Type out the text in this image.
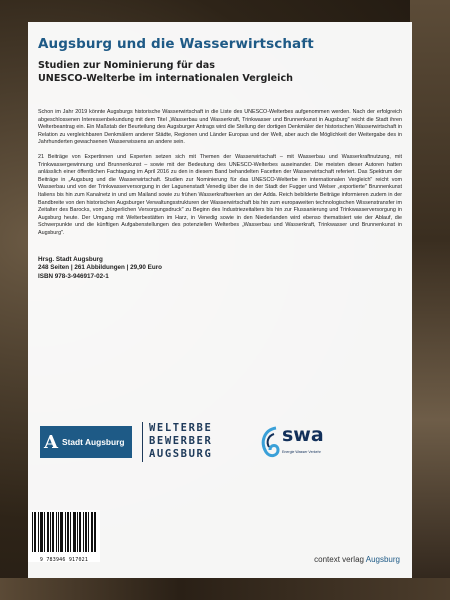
Augsburg und die Wasserwirtschaft
Studien zur Nominierung für das
UNESCO-Welterbe im internationalen Vergleich

Schon im Jahr 2019 könnte Augsburgs historische Wasserwirtschaft in die Liste des UNESCO-Welterbes aufgenommen werden. Nach der erfolgreich abgeschlossenen Interessenbekundung mit dem Titel „Wasserbau und Wasserkraft, Trinkwasser und Brunnenkunst in Augsburg" reicht die Stadt ihren Welterbeantrag ein. Ein Maßstab der Beurteilung des Augsburger Antrags wird die Stellung der dortigen Denkmäler der historischen Wasserwirtschaft in Relation zu vergleichbaren Denkmälern anderer Städte, Regionen und Länder Europas und der Welt, aber auch die Möglichkeit der Weitergabe des in Jahrhunderten gewachsenen Wasserwissens an andere sein.

21 Beiträge von Expertinnen und Experten setzen sich mit Themen der Wasserwirtschaft – mit Wasserbau und Wasserkraftnutzung, mit Trinkwassergewinnung und Brunnenkunst – sowie mit der Bedeutung des UNESCO-Welterbes auseinander. Die meisten dieser Autoren hatten anlässlich einer öffentlichen Fachtagung im April 2016 zu den in diesem Band behandelten Facetten der Wasserwirtschaft referiert. Das Spektrum der Beiträge in „Augsburg und die Wasserwirtschaft. Studien zur Nominierung für das UNESCO-Welterbe im internationalen Vergleich" reicht vom Wasserbau und von der Trinkwasserversorgung in der Lagunenstadt Venedig über die in der Stadt der Fugger und Welser „exportierte" Brunnenkunst Italiens bis hin zum Kanalnetz in und um Mailand sowie zu frühen Wasserkraftwerken an der Adda. Reich bebilderte Beiträge informieren zudem in der Bandbreite von den historischen Augsburger Verwaltungsstrukturen der Wasserwirtschaft bis hin zum europaweiten technologischen Wissenstransfer im Zeitalter des Barocks, vom „bürgerlichen Versorgungsdruck" zu Beginn des Industriezeitalters bis hin zur Flussanierung und Trinkwasserversorgung in Augsburg heute. Der Umgang mit Welterbestätten im Harz, in Venedig sowie in den Niederlanden wird ebenso thematisiert wie der Ablauf, die Schwerpunkte und die künftigen Aufgabenstellungen des potenziellen Welterbes „Wasserbau und Wasserkraft, Trinkwasser und Brunnenkunst in Augsburg".

Hrsg. Stadt Augsburg
248 Seiten | 261 Abbildungen | 29,90 Euro
ISBN 978-3-946917-02-1
A Stadt Augsburg
WELTERBE
BEWERBER
AUGSBURG
swa
Energie Wasser Verkehr
9 783946 917021	context verlag Augsburg
